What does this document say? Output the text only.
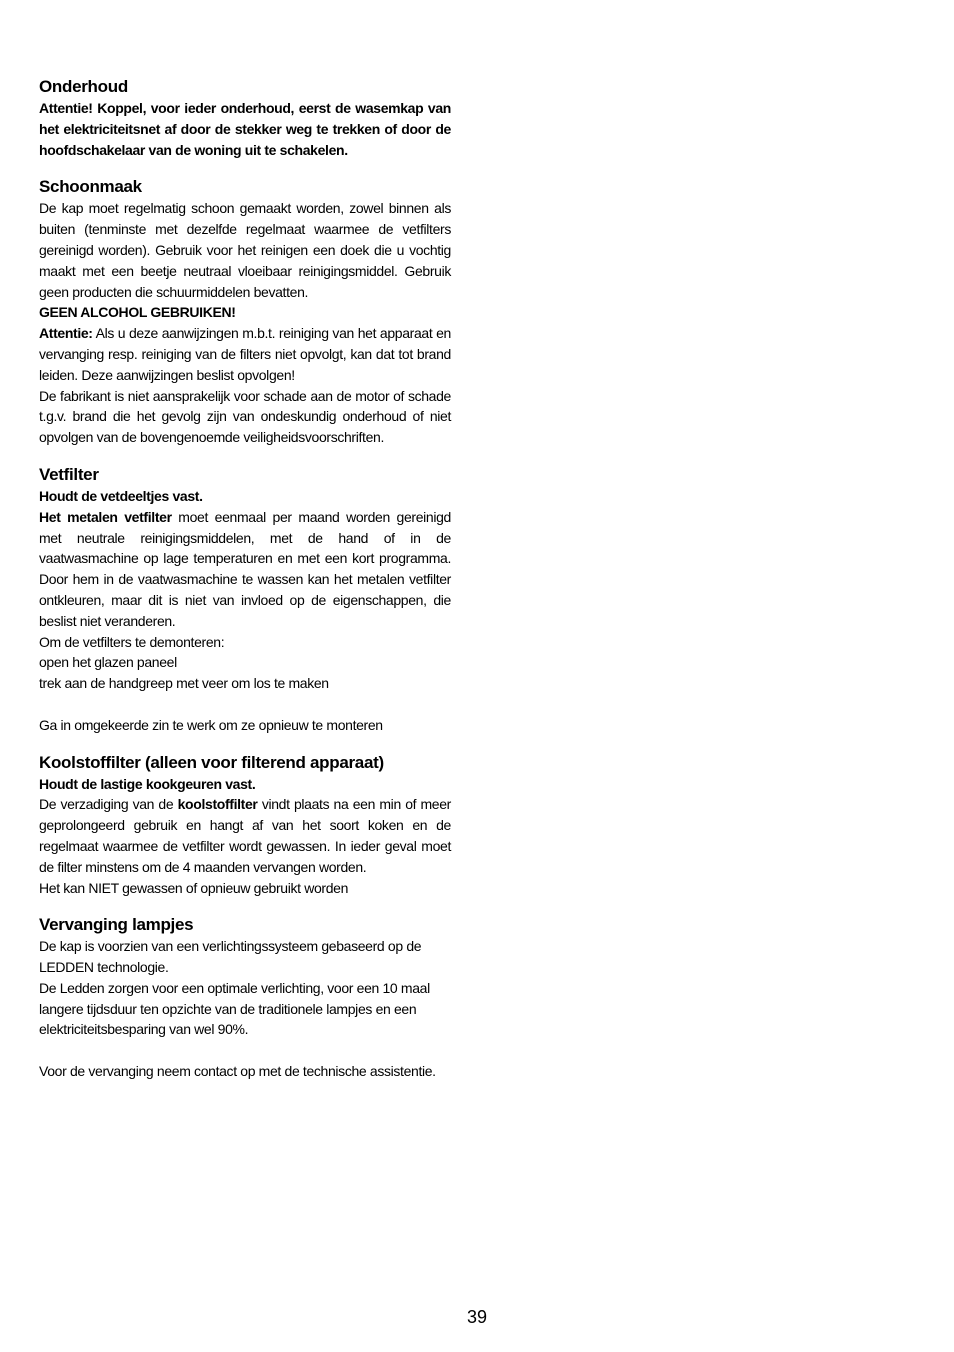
Onderhoud

Attentie! Koppel, voor ieder onderhoud, eerst de wasemkap van het elektriciteitsnet af door de stekker weg te trekken of door de hoofdschakelaar van de woning uit te schakelen.

Schoonmaak

De kap moet regelmatig schoon gemaakt worden, zowel binnen als buiten (tenminste met dezelfde regelmaat waarmee de vetfilters gereinigd worden). Gebruik voor het reinigen een doek die u vochtig maakt met een beetje neutraal vloeibaar reinigingsmiddel. Gebruik geen producten die schuurmiddelen bevatten.

GEEN ALCOHOL GEBRUIKEN!

Attentie: Als u deze aanwijzingen m.b.t. reiniging van het apparaat en vervanging resp. reiniging van de filters niet opvolgt, kan dat tot brand leiden. Deze aanwijzingen beslist opvolgen!

De fabrikant is niet aansprakelijk voor schade aan de motor of schade t.g.v. brand die het gevolg zijn van ondeskundig onderhoud of niet opvolgen van de bovengenoemde veiligheidsvoorschriften.

Vetfilter

Houdt de vetdeeltjes vast.

Het metalen vetfilter moet eenmaal per maand worden gereinigd met neutrale reinigingsmiddelen, met de hand of in de vaatwasmachine op lage temperaturen en met een kort programma. Door hem in de vaatwasmachine te wassen kan het metalen vetfilter ontkleuren, maar dit is niet van invloed op de eigenschappen, die beslist niet veranderen.

Om de vetfilters te demonteren:

open het glazen paneel

trek aan de handgreep met veer om los te maken

Ga in omgekeerde zin te werk om ze opnieuw te monteren

Koolstoffilter (alleen voor filterend apparaat)

Houdt de lastige kookgeuren vast.

De verzadiging van de koolstoffilter vindt plaats na een min of meer geprolongeerd gebruik en hangt af van het soort koken en de regelmaat waarmee de vetfilter wordt gewassen. In ieder geval moet de filter minstens om de 4 maanden vervangen worden.

Het kan NIET gewassen of opnieuw gebruikt worden

Vervanging lampjes

De kap is voorzien van een verlichtingssysteem gebaseerd op de LEDDEN technologie.

De Ledden zorgen voor een optimale verlichting, voor een 10 maal langere tijdsduur ten opzichte van de traditionele lampjes en een elektriciteitsbesparing van wel 90%.

Voor de vervanging neem contact op met de technische assistentie.

39
